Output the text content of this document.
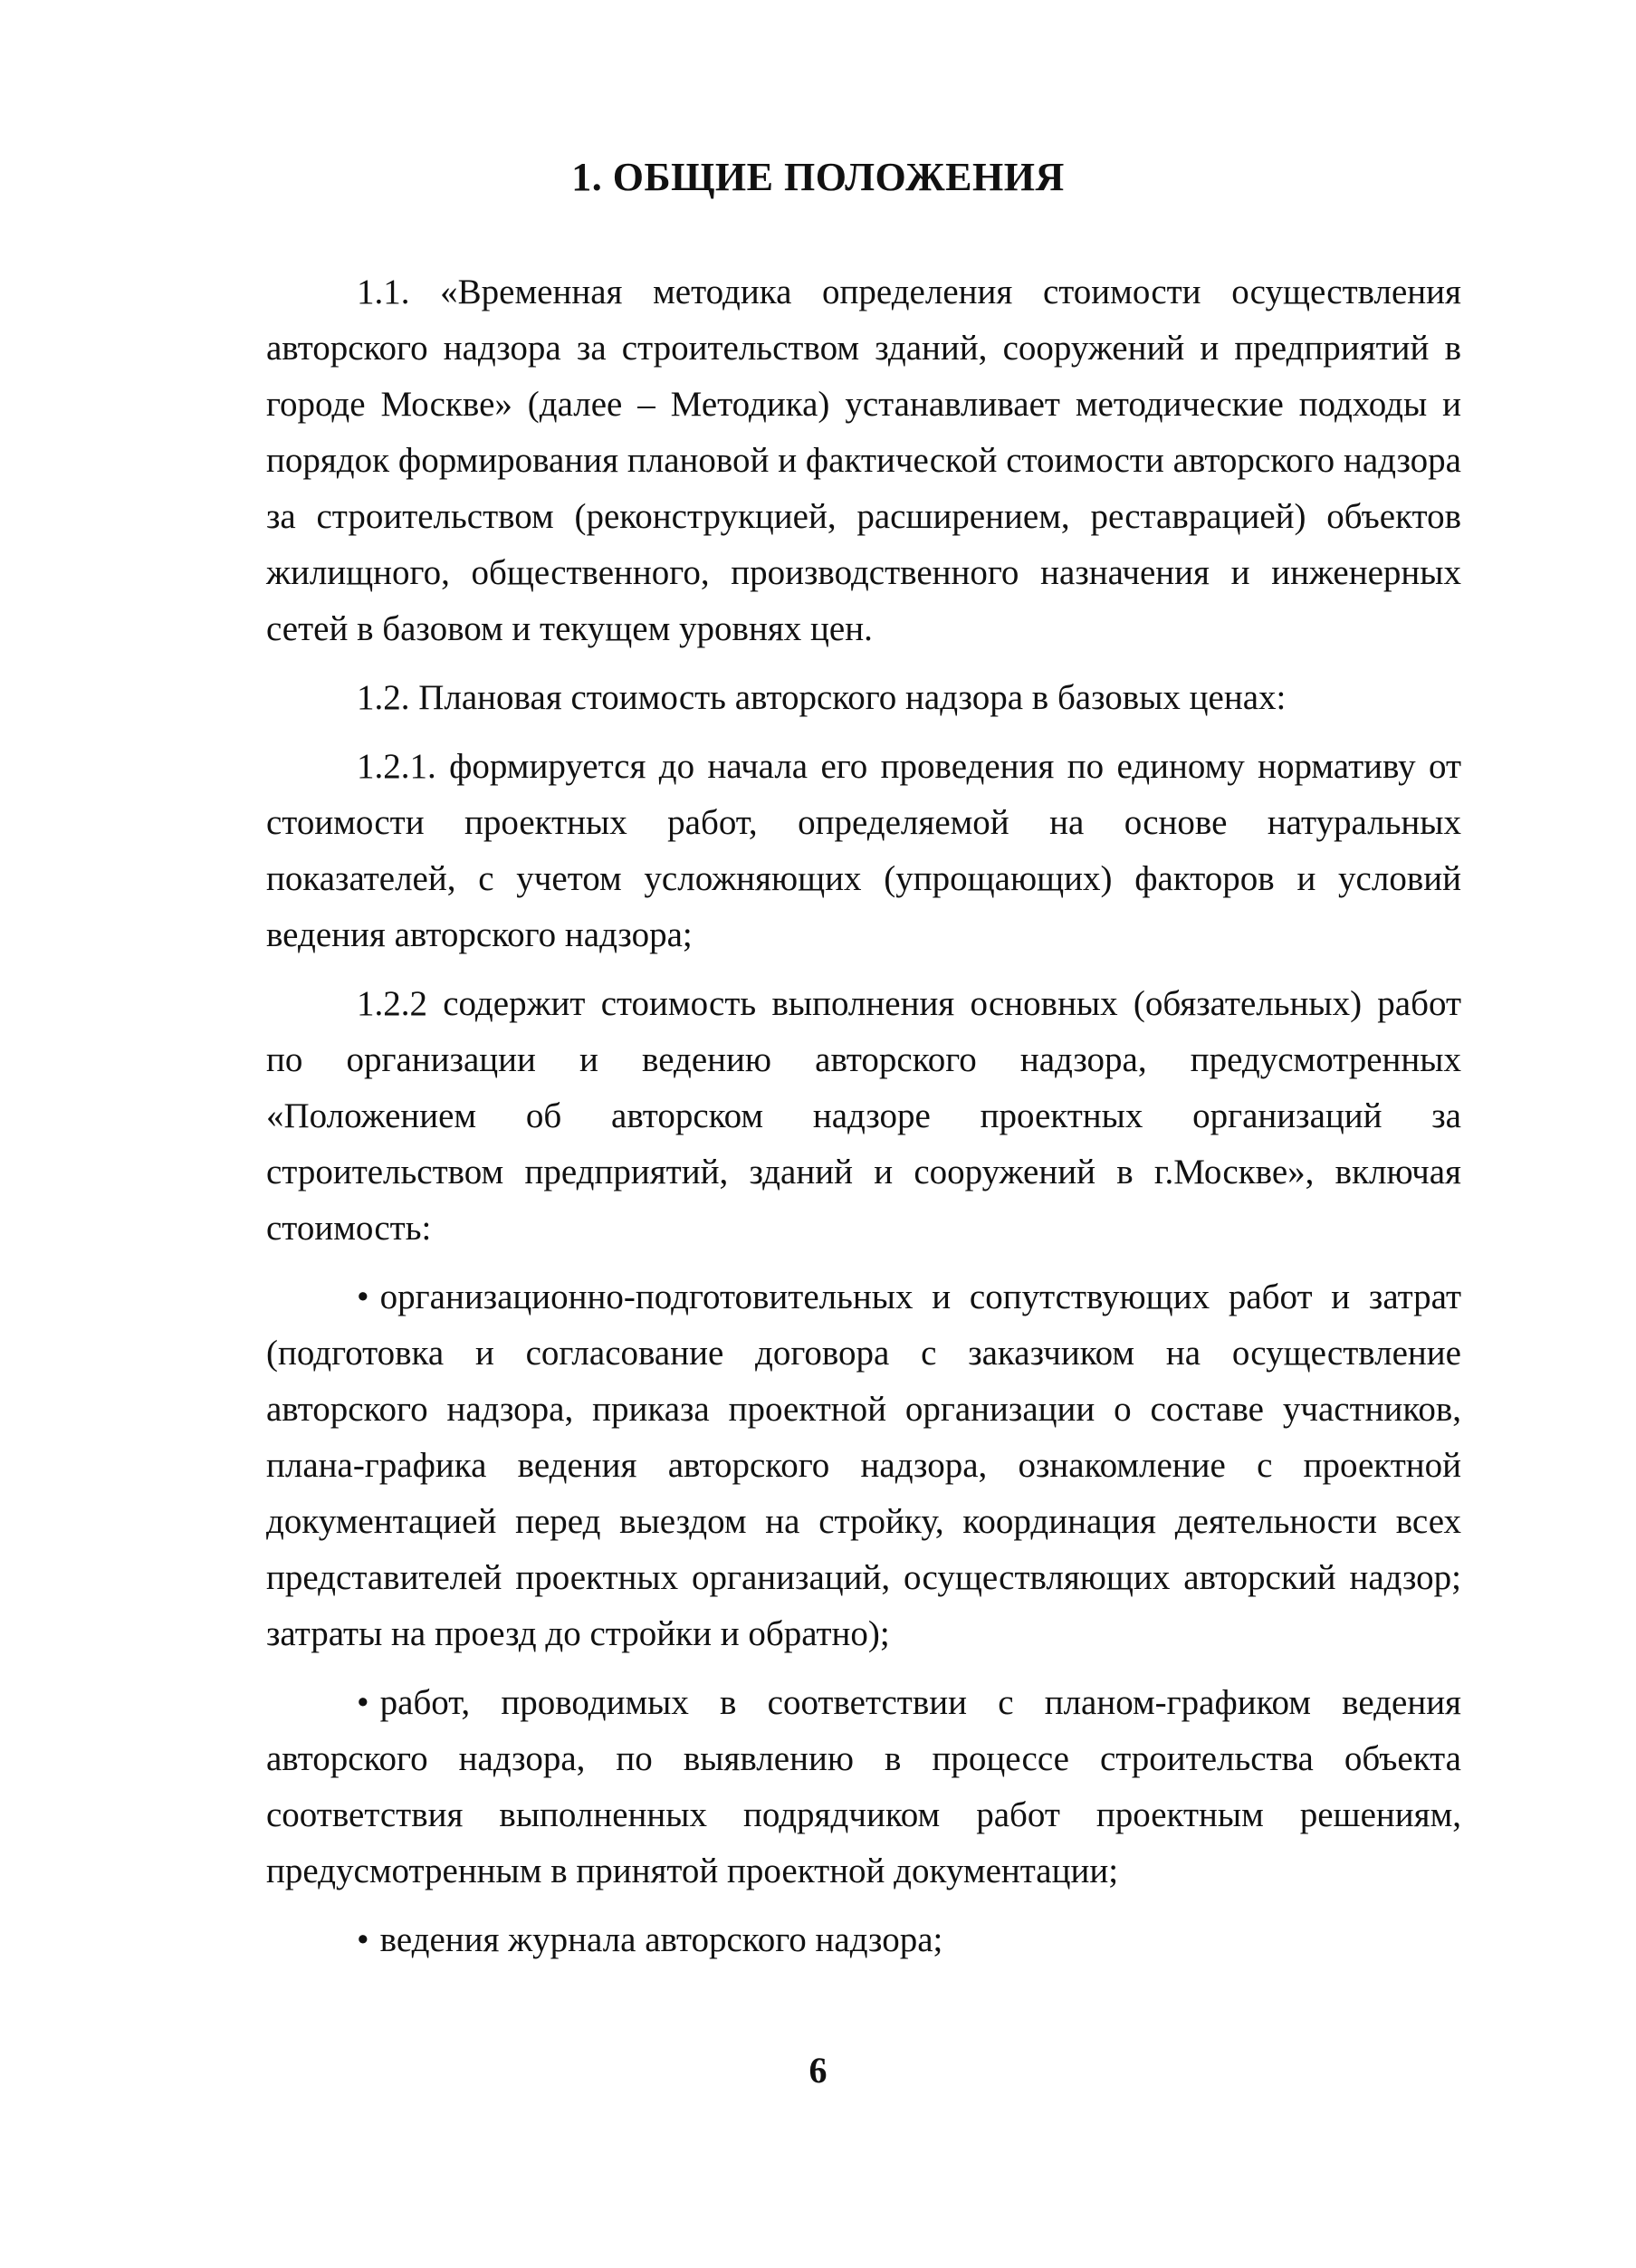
1. ОБЩИЕ ПОЛОЖЕНИЯ

1.1. «Временная методика определения стоимости осуществления авторского надзора за строительством зданий, сооружений и предприятий в городе Москве» (далее – Методика) устанавливает методические подходы и порядок формирования плановой и фактической стоимости авторского надзора за строительством (реконструкцией, расширением, реставрацией) объектов жилищного, общественного, производственного назначения и инженерных сетей в базовом и текущем уровнях цен.

1.2. Плановая стоимость авторского надзора в базовых ценах:

1.2.1. формируется до начала его проведения по единому нормативу от стоимости проектных работ, определяемой на основе натуральных показателей, с учетом усложняющих (упрощающих) факторов и условий ведения авторского надзора;

1.2.2 содержит стоимость выполнения основных (обязательных) работ по организации и ведению авторского надзора, предусмотренных «Положением об авторском надзоре проектных организаций за строительством предприятий, зданий и сооружений в г.Москве», включая стоимость:

• организационно-подготовительных и сопутствующих работ и затрат (подготовка и согласование договора с заказчиком на осуществление авторского надзора, приказа проектной организации о составе участников, плана-графика ведения авторского надзора, ознакомление с проектной документацией перед выездом на стройку, координация деятельности всех представителей проектных организаций, осуществляющих авторский надзор; затраты на проезд до стройки и обратно);

• работ, проводимых в соответствии с планом-графиком ведения авторского надзора, по выявлению в процессе строительства объекта соответствия выполненных подрядчиком работ проектным решениям, предусмотренным в принятой проектной документации;

• ведения журнала авторского надзора;

6
